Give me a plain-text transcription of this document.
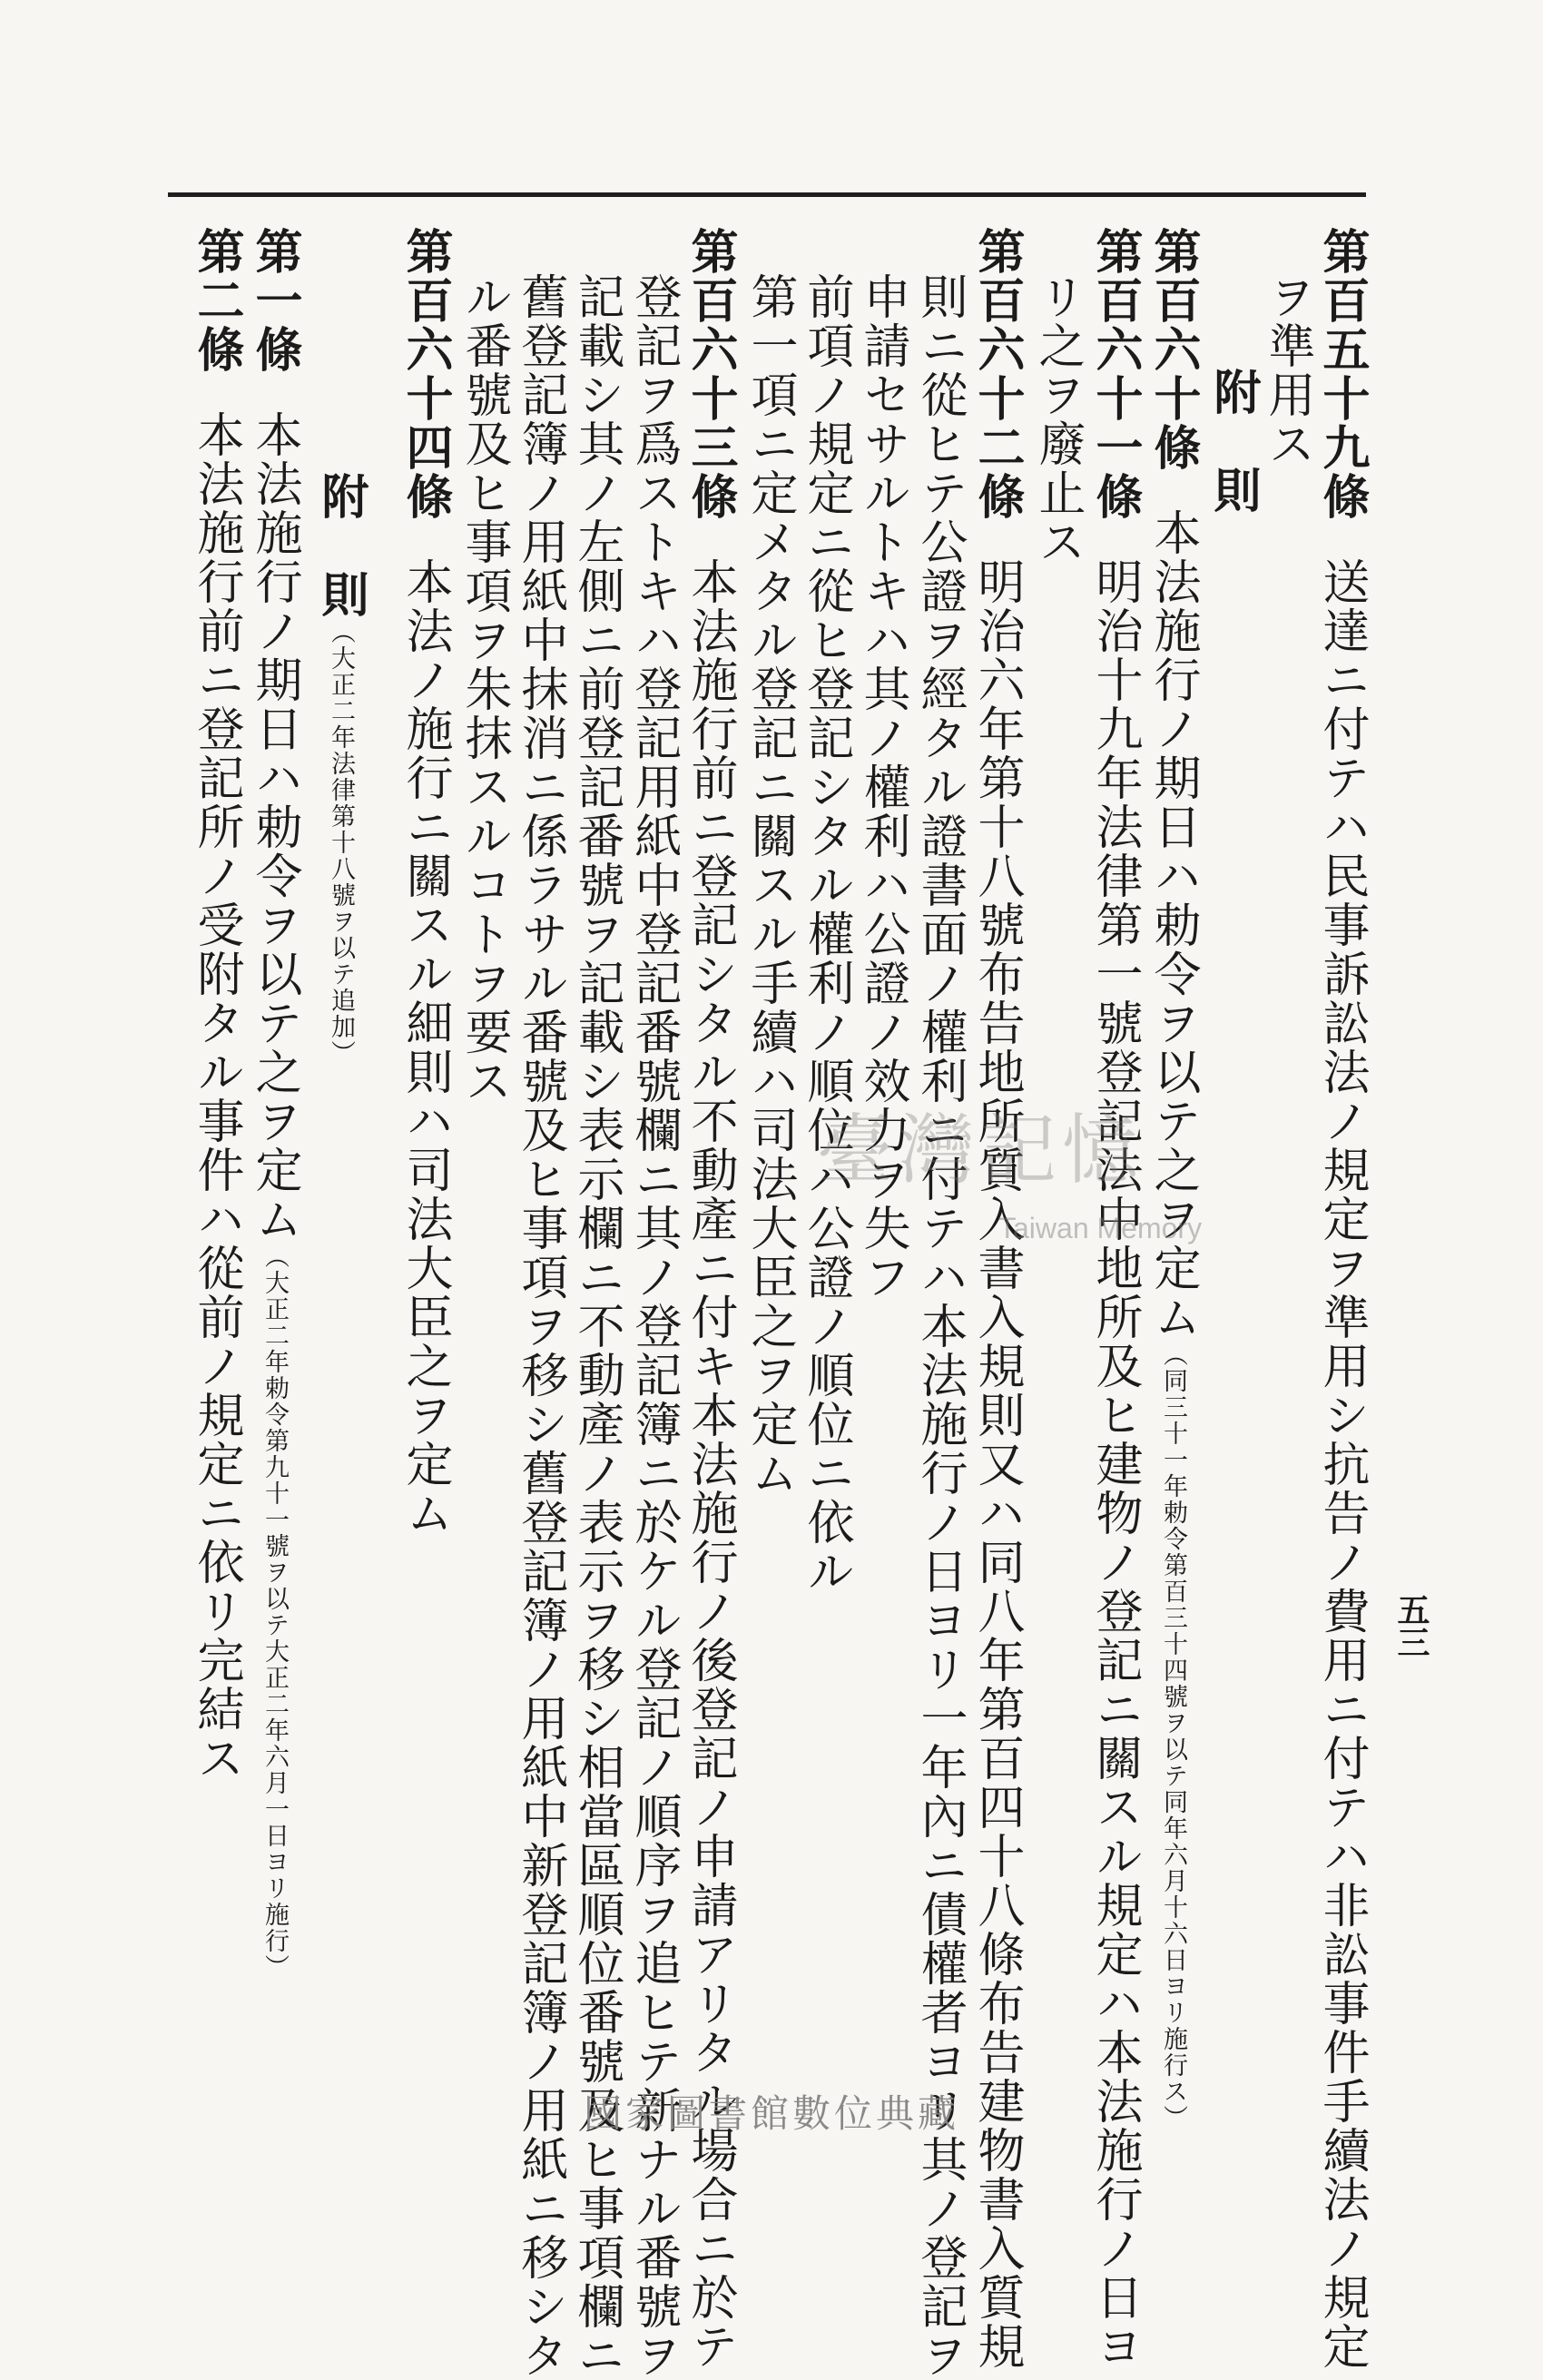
第百五十九條送達ニ付テハ民事訴訟法ノ規定ヲ準用シ抗告ノ費用ニ付テハ非訟事件手續法ノ規定
ヲ準用ス
附　則
第百六十條本法施行ノ期日ハ勅令ヲ以テ之ヲ定ム（同三十一年勅令第百三十四號ヲ以テ同年六月十六日ヨリ施行ス）
第百六十一條明治十九年法律第一號登記法中地所及ヒ建物ノ登記ニ關スル規定ハ本法施行ノ日ヨ
リ之ヲ廢止ス
第百六十二條明治六年第十八號布告地所質入書入規則又ハ同八年第百四十八條布告建物書入質規
則ニ從ヒテ公證ヲ經タル證書面ノ權利ニ付テハ本法施行ノ日ヨリ一年內ニ債權者ヨリ其ノ登記ヲ
申請セサルトキハ其ノ權利ハ公證ノ效力ヲ失フ
前項ノ規定ニ從ヒ登記シタル權利ノ順位ハ公證ノ順位ニ依ル
第一項ニ定メタル登記ニ關スル手續ハ司法大臣之ヲ定ム
第百六十三條本法施行前ニ登記シタル不動產ニ付キ本法施行ノ後登記ノ申請アリタル場合ニ於テ
登記ヲ爲ストキハ登記用紙中登記番號欄ニ其ノ登記簿ニ於ケル登記ノ順序ヲ追ヒテ新ナル番號ヲ
記載シ其ノ左側ニ前登記番號ヲ記載シ表示欄ニ不動產ノ表示ヲ移シ相當區順位番號及ヒ事項欄ニ
舊登記簿ノ用紙中抹消ニ係ラサル番號及ヒ事項ヲ移シ舊登記簿ノ用紙中新登記簿ノ用紙ニ移シタ
ル番號及ヒ事項ヲ朱抹スルコトヲ要ス
第百六十四條本法ノ施行ニ關スル細則ハ司法大臣之ヲ定ム
附　則（大正二年法律第十八號ヲ以テ追加）
第一條本法施行ノ期日ハ勅令ヲ以テ之ヲ定ム（大正二年勅令第九十一號ヲ以テ大正二年六月一日ヨリ施行）
第二條本法施行前ニ登記所ノ受附タル事件ハ從前ノ規定ニ依リ完結ス	五三
臺灣記憶
Taiwan Memory
國家圖書館數位典藏
